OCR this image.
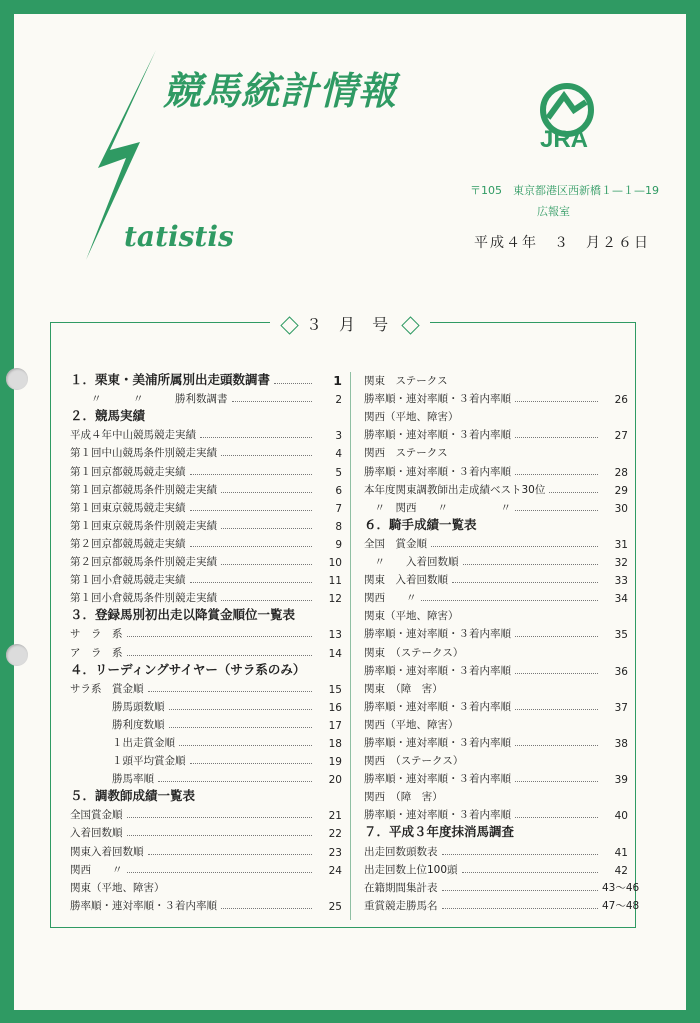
競馬統計情報
tatistis
JRA
〒105　東京都港区西新橋１—１—19
広報室
平成４年　３　月２６日
３ 月 号
１．栗東・美浦所属別出走頭数調書	1
　　〃　　　〃　　　勝利数調書	2
２．競馬実績
平成４年中山競馬競走実績	3
第１回中山競馬条件別競走実績	4
第１回京都競馬競走実績	5
第１回京都競馬条件別競走実績	6
第１回東京競馬競走実績	7
第１回東京競馬条件別競走実績	8
第２回京都競馬競走実績	9
第２回京都競馬条件別競走実績	10
第１回小倉競馬競走実績	11
第１回小倉競馬条件別競走実績	12
３．登録馬別初出走以降賞金順位一覧表
サ　ラ　系	13
ア　ラ　系	14
４．リーディングサイヤー（サラ系のみ）
サラ系　賞金順	15
　　　　勝馬頭数順	16
　　　　勝利度数順	17
　　　　１出走賞金順	18
　　　　１頭平均賞金順	19
　　　　勝馬率順	20
５．調教師成績一覧表
全国賞金順	21
入着回数順	22
関東入着回数順	23
関西　　〃	24
関東（平地、障害）
勝率順・連対率順・３着内率順	25
関東　ステークス
勝率順・連対率順・３着内率順	26
関西（平地、障害）
勝率順・連対率順・３着内率順	27
関西　ステークス
勝率順・連対率順・３着内率順	28
本年度関東調教師出走成績ベスト30位	29
　〃　関西　　〃　　　　　〃	30
６．騎手成績一覧表
全国　賞金順	31
　〃　　入着回数順	32
関東　入着回数順	33
関西　　〃	34
関東（平地、障害）
勝率順・連対率順・３着内率順	35
関東　（ステークス）
勝率順・連対率順・３着内率順	36
関東　（障　害）
勝率順・連対率順・３着内率順	37
関西（平地、障害）
勝率順・連対率順・３着内率順	38
関西　（ステークス）
勝率順・連対率順・３着内率順	39
関西　（障　害）
勝率順・連対率順・３着内率順	40
７．平成３年度抹消馬調査
出走回数頭数表	41
出走回数上位100頭	42
在籍期間集計表	43〜46
重賞競走勝馬名	47〜48
